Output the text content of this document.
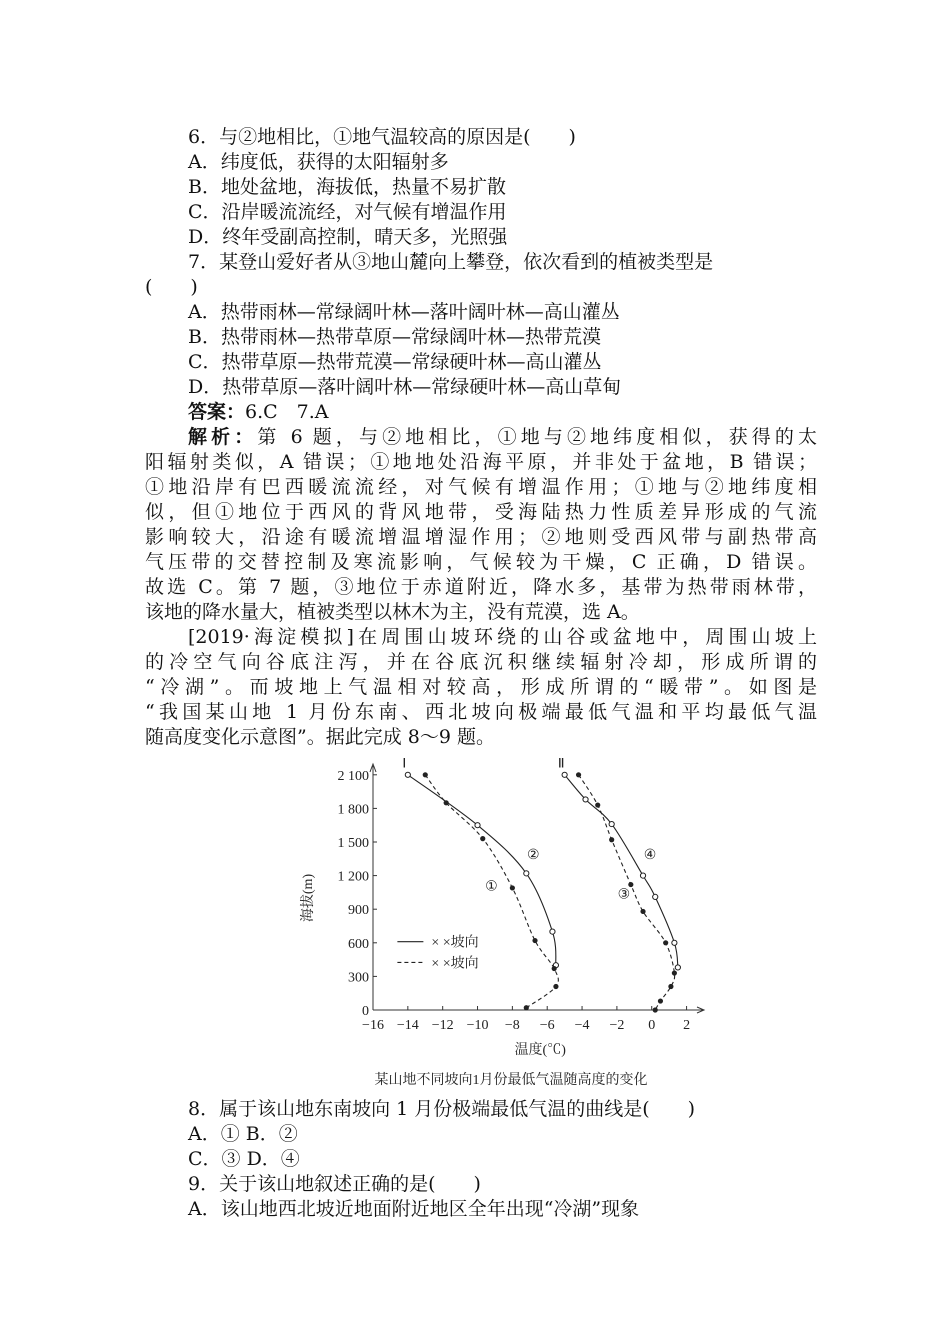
6．与②地相比，①地气温较高的原因是(　　)
A．纬度低，获得的太阳辐射多
B．地处盆地，海拔低，热量不易扩散
C．沿岸暖流流经，对气候有增温作用
D．终年受副高控制，晴天多，光照强
7．某登山爱好者从③地山麓向上攀登，依次看到的植被类型是
(　　)
A．热带雨林—常绿阔叶林—落叶阔叶林—高山灌丛
B．热带雨林—热带草原—常绿阔叶林—热带荒漠
C．热带草原—热带荒漠—常绿硬叶林—高山灌丛
D．热带草原—落叶阔叶林—常绿硬叶林—高山草甸
答案：6.C　7.A
解析：第 6 题，与②地相比，①地与②地纬度相似，获得的太
阳辐射类似，A 错误；①地地处沿海平原，并非处于盆地，B 错误；
①地沿岸有巴西暖流流经，对气候有增温作用；①地与②地纬度相
似，但①地位于西风的背风地带，受海陆热力性质差异形成的气流
影响较大，沿途有暖流增温增湿作用；②地则受西风带与副热带高
气压带的交替控制及寒流影响，气候较为干燥，C 正确，D 错误。
故选 C。第 7 题，③地位于赤道附近，降水多，基带为热带雨林带，
该地的降水量大，植被类型以林木为主，没有荒漠，选 A。
[2019·海淀模拟]在周围山坡环绕的山谷或盆地中，周围山坡上
的冷空气向谷底注泻，并在谷底沉积继续辐射冷却，形成所谓的
“冷湖”。而坡地上气温相对较高，形成所谓的“暖带”。如图是
“我国某山地 1 月份东南、西北坡向极端最低气温和平均最低气温
随高度变化示意图”。据此完成 8～9 题。
0
300
600
900
1 200
1 500
1 800
2 100
−16 −14 −12 −10 −8 −6 −4 −2 0 2
海拔(m)
温度(℃)
Ⅰ	Ⅱ
②
①
④
③
× ×坡向
× ×坡向
某山地不同坡向1月份最低气温随高度的变化
8．属于该山地东南坡向 1 月份极端最低气温的曲线是(　　)
A．① B．②
C．③ D．④
9．关于该山地叙述正确的是(　　)
A．该山地西北坡近地面附近地区全年出现“冷湖”现象
